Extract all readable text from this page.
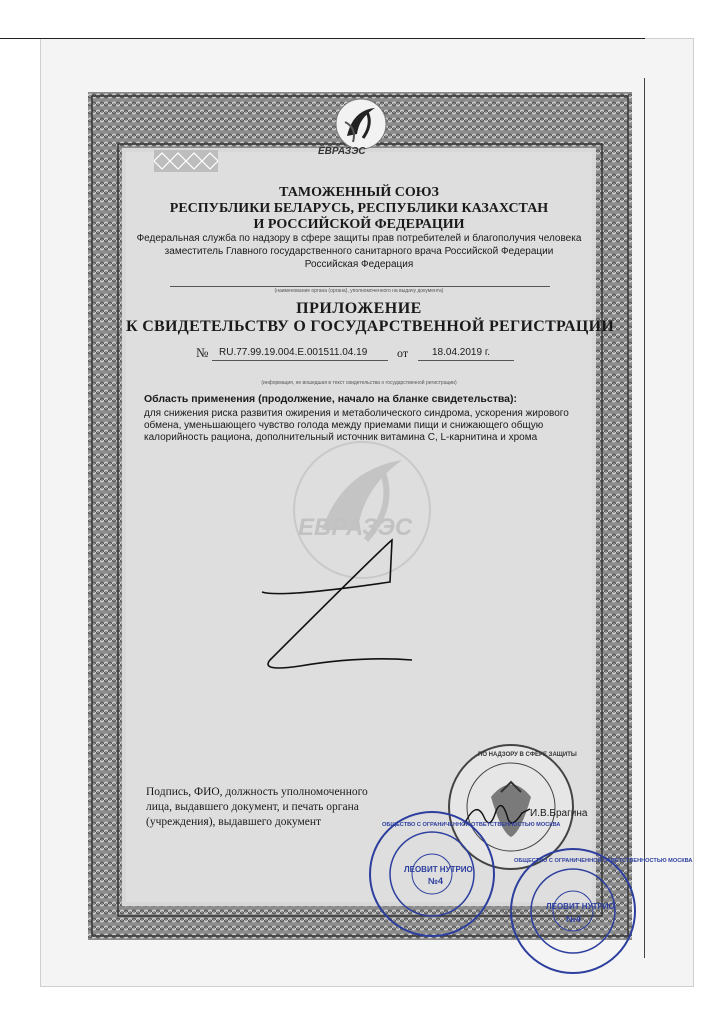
ЕВРАЗЭС
ТАМОЖЕННЫЙ СОЮЗ
РЕСПУБЛИКИ БЕЛАРУСЬ, РЕСПУБЛИКИ КАЗАХСТАН
И РОССИЙСКОЙ ФЕДЕРАЦИИ
Федеральная служба по надзору в сфере защиты прав потребителей и благополучия человека
заместитель Главного государственного санитарного врача Российской Федерации
Российская Федерация
(наименование органа (органа), уполномоченного на выдачу документа)
ПРИЛОЖЕНИЕ
К СВИДЕТЕЛЬСТВУ О ГОСУДАРСТВЕННОЙ РЕГИСТРАЦИИ
№ RU.77.99.19.004.E.001511.04.19 от 18.04.2019 г.
(информация, не вошедшая в текст свидетельства о государственной регистрации)
Область применения (продолжение, начало на бланке свидетельства):
для снижения риска развития ожирения и метаболического синдрома, ускорения жирового
обмена, уменьшающего чувство голода между приемами пищи и снижающего общую
калорийность рациона, дополнительный источник витамина С, L-карнитина и хрома
ЕВРАЗЭС
Подпись, ФИО, должность уполномоченного
лица, выдавшего документ, и печать органа
(учреждения), выдавшего документ
ПО НАДЗОРУ В СФЕРЕ ЗАЩИТЫ
И.В.Брагина
ОБЩЕСТВО С ОГРАНИЧЕННОЙ ОТВЕТСТВЕННОСТЬЮ МОСКВА
ЛЕОВИТ НУТРИО
№4
ОБЩЕСТВО С ОГРАНИЧЕННОЙ ОТВЕТСТВЕННОСТЬЮ МОСКВА
ЛЕОВИТ НУТРИО
№4
0000000
